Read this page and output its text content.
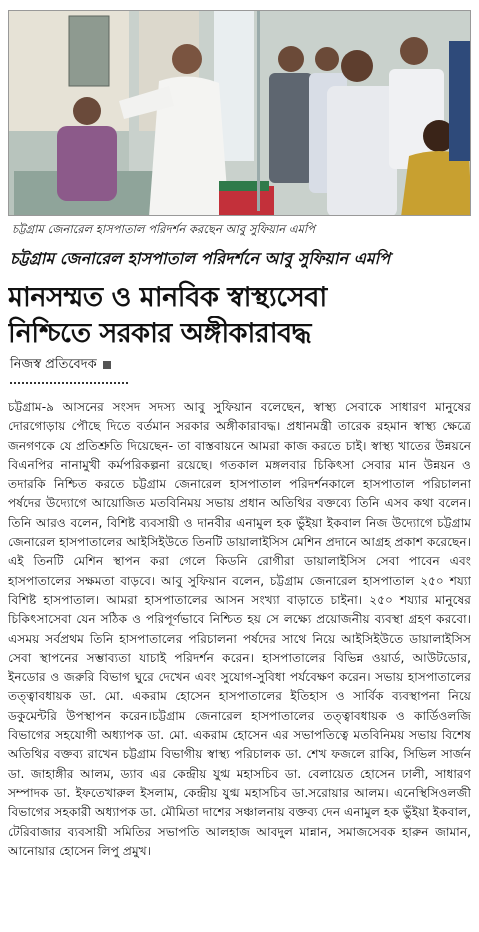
চট্টগ্রাম জেনারেল হাসপাতাল পরিদর্শন করছেন আবু সুফিয়ান এমপি
চট্টগ্রাম জেনারেল হাসপাতাল পরিদর্শনে আবু সুফিয়ান এমপি
মানসম্মত ও মানবিক স্বাস্থ্যসেবা
নিশ্চিতে সরকার অঙ্গীকারাবদ্ধ
নিজস্ব প্রতিবেদক
চট্টগ্রাম-৯ আসনের সংসদ সদস্য আবু সুফিয়ান বলেছেন, স্বাস্থ্য সেবাকে সাধারণ মানুষের দোরগোড়ায় পৌছে দিতে বর্তমান সরকার অঙ্গীকারাবদ্ধ। প্রধানমন্ত্রী তারেক রহমান স্বাস্থ্য ক্ষেত্রে জনগণকে যে প্রতিশ্রুতি দিয়েছেন- তা বাস্তবায়নে আমরা কাজ করতে চাই। স্বাস্থ্য খাতের উন্নয়নে বিএনপির নানামুখী কর্মপরিকল্পনা রয়েছে। গতকাল মঙ্গলবার চিকিৎসা সেবার মান উন্নয়ন ও তদারকি নিশ্চিত করতে চট্টগ্রাম জেনারেল হাসপাতাল পরিদর্শনকালে হাসপাতাল পরিচালনা পর্ষদের উদ্যোগে আয়োজিত মতবিনিময় সভায় প্রধান অতিথির বক্তব্যে তিনি এসব কথা বলেন। তিনি আরও বলেন, বিশিষ্ট ব্যবসায়ী ও দানবীর এনামুল হক ভুঁইয়া ইকবাল নিজ উদ্যোগে চট্টগ্রাম জেনারেল হাসপাতালের আইসিইউতে তিনটি ডায়ালাইসিস মেশিন প্রদানে আগ্রহ প্রকাশ করেছেন। এই তিনটি মেশিন স্থাপন করা গেলে কিডনি রোগীরা ডায়ালাইসিস সেবা পাবেন এবং হাসপাতালের সক্ষমতা বাড়বে। আবু সুফিয়ান বলেন, চট্টগ্রাম জেনারেল হাসপাতাল ২৫০ শয্যা বিশিষ্ট হাসপাতাল। আমরা হাসপাতালের আসন সংখ্যা বাড়াতে চাইনা। ২৫০ শয্যার মানুষের চিকিৎসাসেবা যেন সঠিক ও পরিপূর্ণভাবে নিশ্চিত হয় সে লক্ষ্যে প্রয়োজনীয় ব্যবস্থা গ্রহণ করবো। এসময় সর্বপ্রথম তিনি হাসপাতালের পরিচালনা পর্ষদের সাথে নিয়ে আইসিইউতে ডায়ালাইসিস সেবা স্থাপনের সম্ভাব্যতা যাচাই পরিদর্শন করেন। হাসপাতালের বিভিন্ন ওয়ার্ড, আউটডোর, ইনডোর ও জরুরি বিভাগ ঘুরে দেখেন এবং সুযোগ-সুবিধা পর্যবেক্ষণ করেন। সভায় হাসপাতালের তত্ত্বাবধায়ক ডা. মো. একরাম হোসেন হাসপাতালের ইতিহাস ও সার্বিক ব্যবস্থাপনা নিয়ে ডকুমেন্টরি উপস্থাপন করেন।চট্টগ্রাম জেনারেল হাসপাতালের তত্ত্বাবধায়ক ও কার্ডিওলজি বিভাগের সহযোগী অধ্যাপক ডা. মো. একরাম হোসেন এর সভাপতিত্বে মতবিনিময় সভায় বিশেষ অতিথির বক্তব্য রাখেন চট্টগ্রাম বিভাগীয় স্বাস্থ্য পরিচালক ডা. শেখ ফজলে রাব্বি, সিভিল সার্জন ডা. জাহাঙ্গীর আলম, ড্যাব এর কেন্দ্রীয় যুগ্ম মহাসচিব ডা. বেলায়েত হোসেন ঢালী, সাধারণ সম্পাদক ডা. ইফতেখারুল ইসলাম, কেন্দ্রীয় যুগ্ম মহাসচিব ডা.সরোয়ার আলম। এনেস্থিসিওলজী বিভাগের সহকারী অধ্যাপক ডা. মৌমিতা দাশের সঞ্চালনায় বক্তব্য দেন এনামুল হক ভুঁইয়া ইকবাল, টেরিবাজার ব্যবসায়ী সমিতির সভাপতি আলহাজ আবদুল মান্নান, সমাজসেবক হারুন জামান, আনোয়ার হোসেন লিপু প্রমুখ।
